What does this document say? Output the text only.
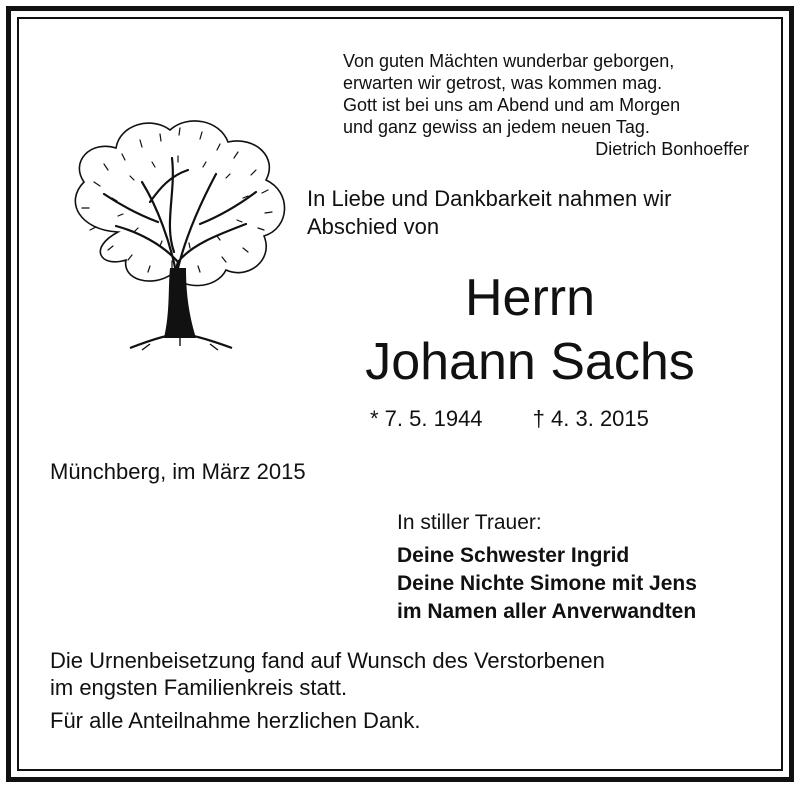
Von guten Mächten wunderbar geborgen,
erwarten wir getrost, was kommen mag.
Gott ist bei uns am Abend und am Morgen
und ganz gewiss an jedem neuen Tag.
Dietrich Bonhoeffer
In Liebe und Dankbarkeit nahmen wir
Abschied von
Herrn
Johann Sachs
* 7. 5. 1944 † 4. 3. 2015
Münchberg, im März 2015
In stiller Trauer:
Deine Schwester Ingrid
Deine Nichte Simone mit Jens
im Namen aller Anverwandten
Die Urnenbeisetzung fand auf Wunsch des Verstorbenen
im engsten Familienkreis statt.
Für alle Anteilnahme herzlichen Dank.
